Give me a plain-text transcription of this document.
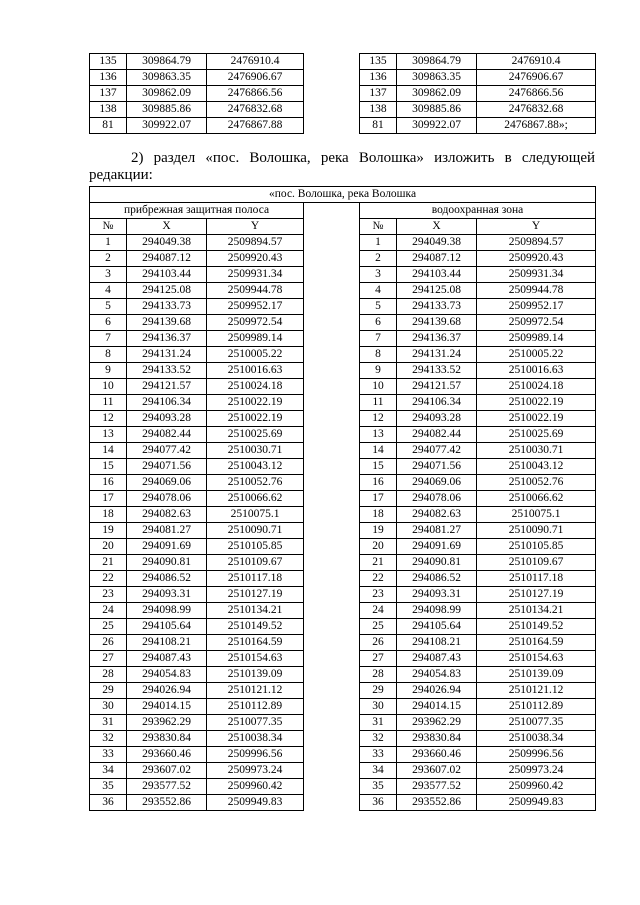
135	309864.79	2476910.4		135	309864.79	2476910.4
136	309863.35	2476906.67		136	309863.35	2476906.67
137	309862.09	2476866.56		137	309862.09	2476866.56
138	309885.86	2476832.68		138	309885.86	2476832.68
81	309922.07	2476867.88		81	309922.07	2476867.88»;
2) раздел «пос. Волошка, река Волошка» изложить в следующей редакции:
«пос. Волошка, река Волошка						
прибрежная защитная полоса				водоохранная зона		
№	X	Y		№	X	Y
1	294049.38	2509894.57		1	294049.38	2509894.57
2	294087.12	2509920.43		2	294087.12	2509920.43
3	294103.44	2509931.34		3	294103.44	2509931.34
4	294125.08	2509944.78		4	294125.08	2509944.78
5	294133.73	2509952.17		5	294133.73	2509952.17
6	294139.68	2509972.54		6	294139.68	2509972.54
7	294136.37	2509989.14		7	294136.37	2509989.14
8	294131.24	2510005.22		8	294131.24	2510005.22
9	294133.52	2510016.63		9	294133.52	2510016.63
10	294121.57	2510024.18		10	294121.57	2510024.18
11	294106.34	2510022.19		11	294106.34	2510022.19
12	294093.28	2510022.19		12	294093.28	2510022.19
13	294082.44	2510025.69		13	294082.44	2510025.69
14	294077.42	2510030.71		14	294077.42	2510030.71
15	294071.56	2510043.12		15	294071.56	2510043.12
16	294069.06	2510052.76		16	294069.06	2510052.76
17	294078.06	2510066.62		17	294078.06	2510066.62
18	294082.63	2510075.1		18	294082.63	2510075.1
19	294081.27	2510090.71		19	294081.27	2510090.71
20	294091.69	2510105.85		20	294091.69	2510105.85
21	294090.81	2510109.67		21	294090.81	2510109.67
22	294086.52	2510117.18		22	294086.52	2510117.18
23	294093.31	2510127.19		23	294093.31	2510127.19
24	294098.99	2510134.21		24	294098.99	2510134.21
25	294105.64	2510149.52		25	294105.64	2510149.52
26	294108.21	2510164.59		26	294108.21	2510164.59
27	294087.43	2510154.63		27	294087.43	2510154.63
28	294054.83	2510139.09		28	294054.83	2510139.09
29	294026.94	2510121.12		29	294026.94	2510121.12
30	294014.15	2510112.89		30	294014.15	2510112.89
31	293962.29	2510077.35		31	293962.29	2510077.35
32	293830.84	2510038.34		32	293830.84	2510038.34
33	293660.46	2509996.56		33	293660.46	2509996.56
34	293607.02	2509973.24		34	293607.02	2509973.24
35	293577.52	2509960.42		35	293577.52	2509960.42
36	293552.86	2509949.83		36	293552.86	2509949.83
